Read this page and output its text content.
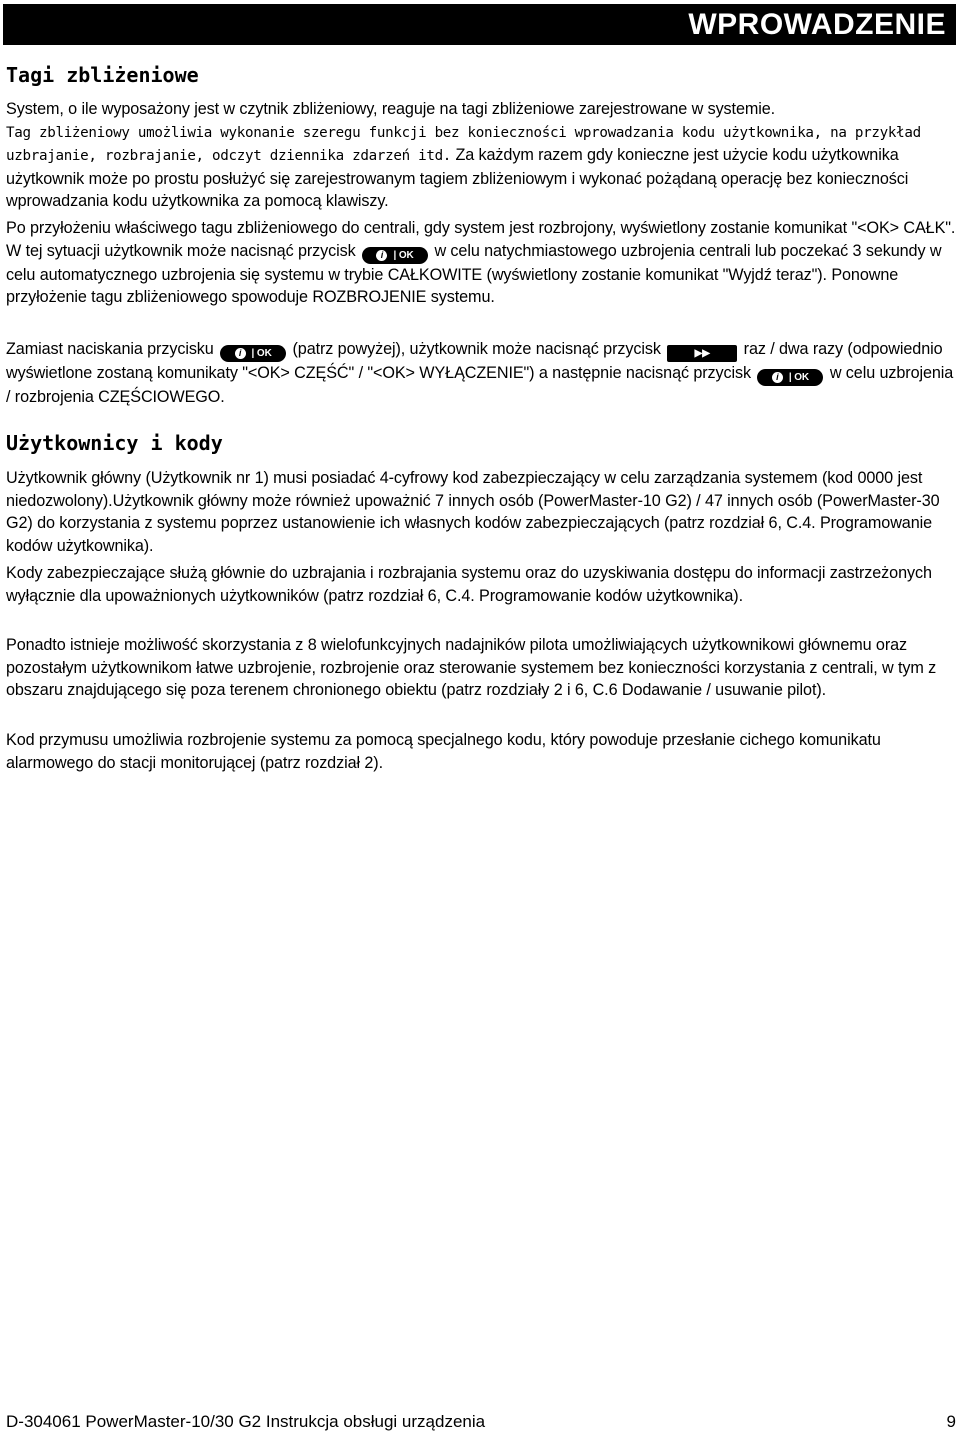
WPROWADZENIE
Tagi zbliżeniowe

System, o ile wyposażony jest w czytnik zbliżeniowy, reaguje na tagi zbliżeniowe zarejestrowane w systemie.
Tag zbliżeniowy umożliwia wykonanie szeregu funkcji bez konieczności wprowadzania kodu użytkownika, na przykład uzbrajanie, rozbrajanie, odczyt dziennika zdarzeń itd. Za każdym razem gdy konieczne jest użycie kodu użytkownika użytkownik może po prostu posłużyć się zarejestrowanym tagiem zbliżeniowym i wykonać pożądaną operację bez konieczności wprowadzania kodu użytkownika za pomocą klawiszy.

Po przyłożeniu właściwego tagu zbliżeniowego do centrali, gdy system jest rozbrojony, wyświetlony zostanie komunikat "<OK> CAŁK". W tej sytuacji użytkownik może nacisnąć przycisk i | OK w celu natychmiastowego uzbrojenia centrali lub poczekać 3 sekundy w celu automatycznego uzbrojenia się systemu w trybie CAŁKOWITE (wyświetlony zostanie komunikat "Wyjdź teraz"). Ponowne przyłożenie tagu zbliżeniowego spowoduje ROZBROJENIE systemu.

Zamiast naciskania przycisku i | OK (patrz powyżej), użytkownik może nacisnąć przycisk	▶▶ raz / dwa razy (odpowiednio wyświetlone zostaną komunikaty "<OK> CZĘŚĆ" / "<OK> WYŁĄCZENIE") a następnie nacisnąć przycisk i | OK w celu uzbrojenia / rozbrojenia CZĘŚCIOWEGO.

Użytkownicy i kody

Użytkownik główny (Użytkownik nr 1) musi posiadać 4-cyfrowy kod zabezpieczający w celu zarządzania systemem (kod 0000 jest niedozwolony).Użytkownik główny może również upoważnić 7 innych osób (PowerMaster-10 G2) / 47 innych osób (PowerMaster-30 G2) do korzystania z systemu poprzez ustanowienie ich własnych kodów zabezpieczających (patrz rozdział 6, C.4. Programowanie kodów użytkownika).

Kody zabezpieczające służą głównie do uzbrajania i rozbrajania systemu oraz do uzyskiwania dostępu do informacji zastrzeżonych wyłącznie dla upoważnionych użytkowników (patrz rozdział 6, C.4. Programowanie kodów użytkownika).

Ponadto istnieje możliwość skorzystania z 8 wielofunkcyjnych nadajników pilota umożliwiających użytkownikowi głównemu oraz pozostałym użytkownikom łatwe uzbrojenie, rozbrojenie oraz sterowanie systemem bez konieczności korzystania z centrali, w tym z obszaru znajdującego się poza terenem chronionego obiektu (patrz rozdziały 2 i 6, C.6 Dodawanie / usuwanie pilot).

Kod przymusu umożliwia rozbrojenie systemu za pomocą specjalnego kodu, który powoduje przesłanie cichego komunikatu alarmowego do stacji monitorującej (patrz rozdział 2).

D-304061 PowerMaster-10/30 G2 Instrukcja obsługi urządzenia	9
